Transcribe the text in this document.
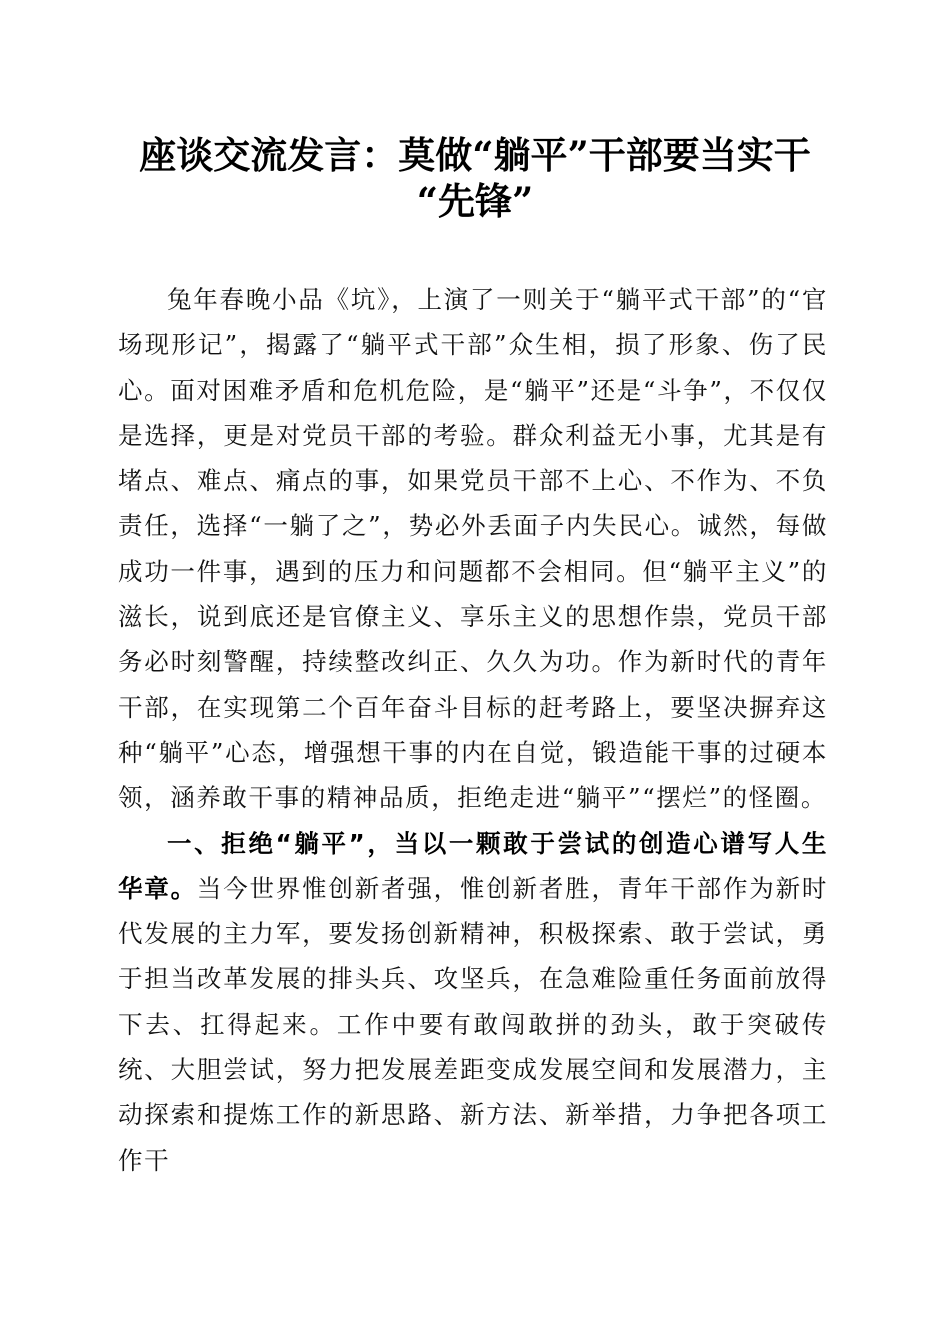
座谈交流发言：莫做“躺平”干部要当实干
“先锋”

兔年春晚小品《坑》，上演了一则关于“躺平式干部”的“官场现形记”，揭露了“躺平式干部”众生相，损了形象、伤了民心。面对困难矛盾和危机危险，是“躺平”还是“斗争”，不仅仅是选择，更是对党员干部的考验。群众利益无小事，尤其是有堵点、难点、痛点的事，如果党员干部不上心、不作为、不负责任，选择“一躺了之”，势必外丢面子内失民心。诚然，每做成功一件事，遇到的压力和问题都不会相同。但“躺平主义”的滋长，说到底还是官僚主义、享乐主义的思想作祟，党员干部务必时刻警醒，持续整改纠正、久久为功。作为新时代的青年干部，在实现第二个百年奋斗目标的赶考路上，要坚决摒弃这种“躺平”心态，增强想干事的内在自觉，锻造能干事的过硬本领，涵养敢干事的精神品质，拒绝走进“躺平”“摆烂”的怪圈。

一、拒绝“躺平”，当以一颗敢于尝试的创造心谱写人生华章。当今世界惟创新者强，惟创新者胜，青年干部作为新时代发展的主力军，要发扬创新精神，积极探索、敢于尝试，勇于担当改革发展的排头兵、攻坚兵，在急难险重任务面前放得下去、扛得起来。工作中要有敢闯敢拼的劲头，敢于突破传统、大胆尝试，努力把发展差距变成发展空间和发展潜力，主动探索和提炼工作的新思路、新方法、新举措，力争把各项工作干
